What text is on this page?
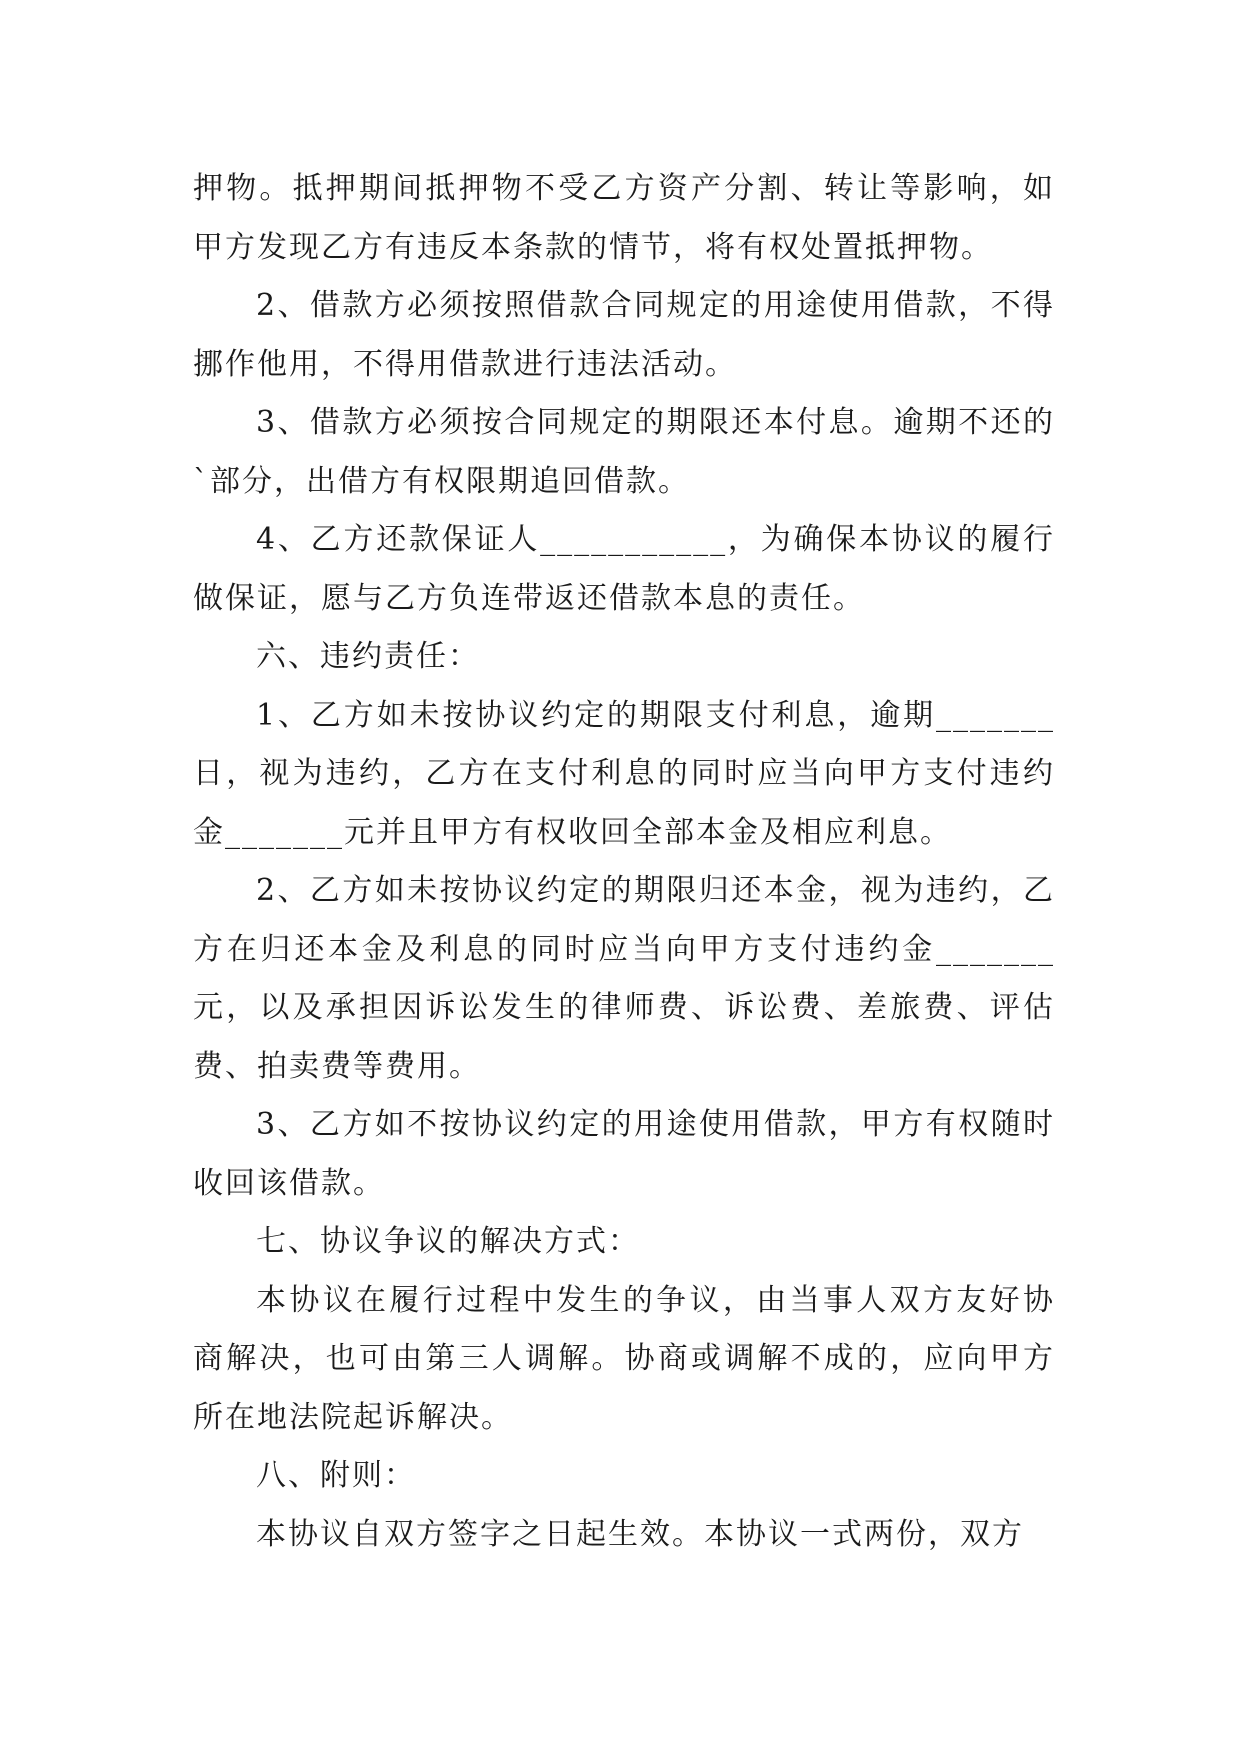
押物。抵押期间抵押物不受乙方资产分割、转让等影响，如甲方发现乙方有违反本条款的情节，将有权处置抵押物。

2、借款方必须按照借款合同规定的用途使用借款，不得挪作他用，不得用借款进行违法活动。

3、借款方必须按合同规定的期限还本付息。逾期不还的`部分，出借方有权限期追回借款。

4、乙方还款保证人___________，为确保本协议的履行做保证，愿与乙方负连带返还借款本息的责任。

六、违约责任：

1、乙方如未按协议约定的期限支付利息，逾期_______日，视为违约，乙方在支付利息的同时应当向甲方支付违约金_______元并且甲方有权收回全部本金及相应利息。

2、乙方如未按协议约定的期限归还本金，视为违约，乙方在归还本金及利息的同时应当向甲方支付违约金_______元，以及承担因诉讼发生的律师费、诉讼费、差旅费、评估费、拍卖费等费用。

3、乙方如不按协议约定的用途使用借款，甲方有权随时收回该借款。

七、协议争议的解决方式：

本协议在履行过程中发生的争议，由当事人双方友好协商解决，也可由第三人调解。协商或调解不成的，应向甲方所在地法院起诉解决。

八、附则：

本协议自双方签字之日起生效。本协议一式两份，双方
